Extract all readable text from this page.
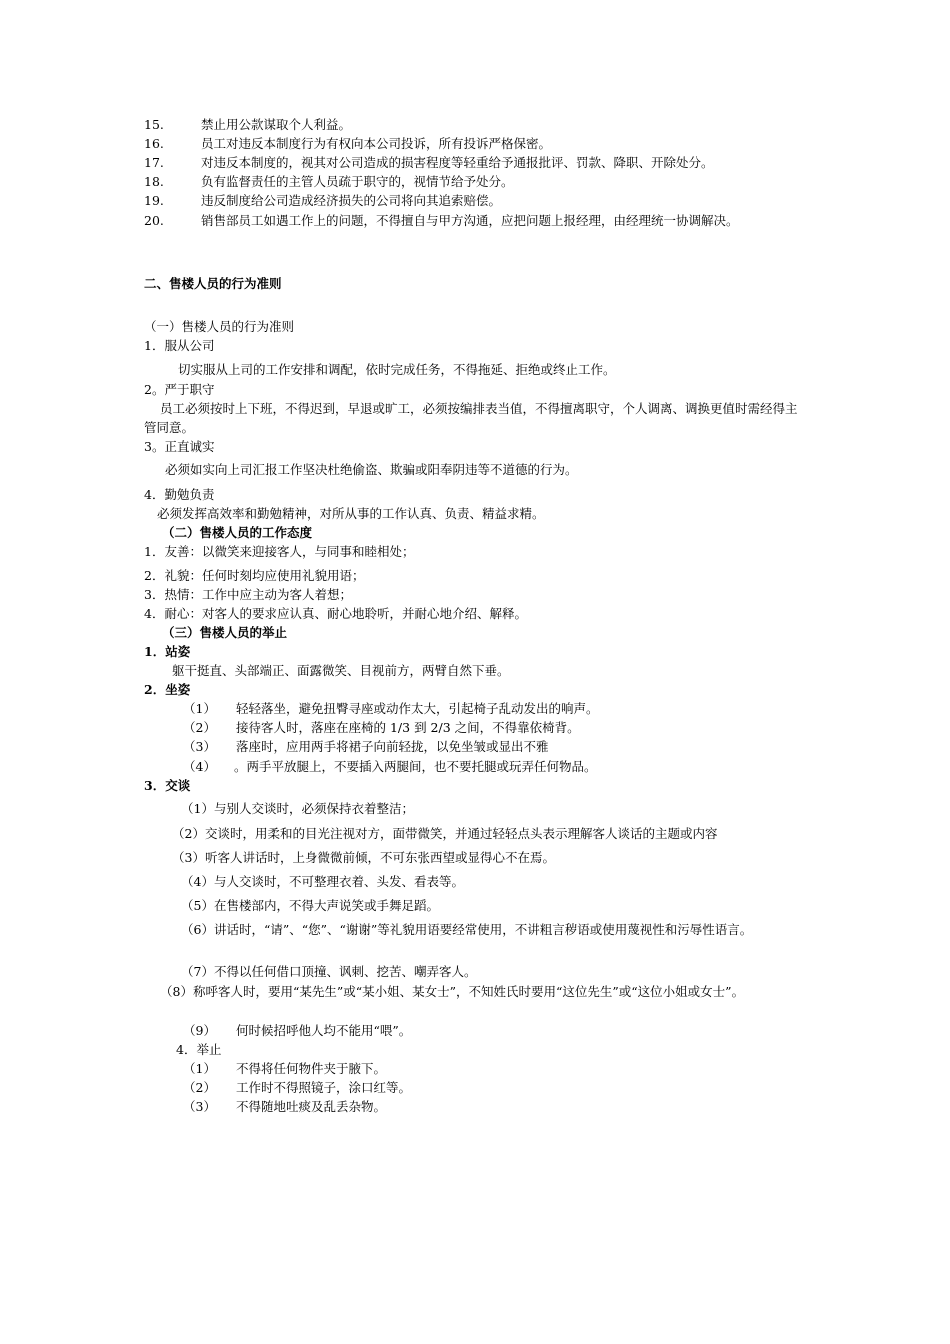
15.	禁止用公款谋取个人利益。
16.	员工对违反本制度行为有权向本公司投诉，所有投诉严格保密。
17.	对违反本制度的，视其对公司造成的损害程度等轻重给予通报批评、罚款、降职、开除处分。
18.	负有监督责任的主管人员疏于职守的，视情节给予处分。
19.	违反制度给公司造成经济损失的公司将向其追索赔偿。
20.	销售部员工如遇工作上的问题，不得擅自与甲方沟通，应把问题上报经理，由经理统一协调解决。
二、售楼人员的行为准则
（一）售楼人员的行为准则
1．服从公司
切实服从上司的工作安排和调配，依时完成任务，不得拖延、拒绝或终止工作。
2。严于职守
员工必须按时上下班，不得迟到，早退或旷工，必须按编排表当值，不得擅离职守，个人调离、调换更值时需经得主管同意。
3。正直诚实
必须如实向上司汇报工作坚决杜绝偷盗、欺骗或阳奉阴违等不道德的行为。
4．勤勉负责
必须发挥高效率和勤勉精神，对所从事的工作认真、负责、精益求精。
（二）售楼人员的工作态度
1．友善：以微笑来迎接客人，与同事和睦相处；
2．礼貌：任何时刻均应使用礼貌用语；
3．热情：工作中应主动为客人着想；
4．耐心：对客人的要求应认真、耐心地聆听，并耐心地介绍、解释。
（三）售楼人员的举止
1．站姿
躯干挺直、头部端正、面露微笑、目视前方，两臂自然下垂。
2．坐姿
（1） 轻轻落坐，避免扭臀寻座或动作太大，引起椅子乱动发出的响声。
（2） 接待客人时，落座在座椅的 1/3 到 2/3 之间，不得靠依椅背。
（3） 落座时，应用两手将裙子向前轻拢，以免坐皱或显出不雅
（4） 。两手平放腿上，不要插入两腿间，也不要托腿或玩弄任何物品。
3．交谈
（1）与别人交谈时，必须保持衣着整洁；
（2）交谈时，用柔和的目光注视对方，面带微笑，并通过轻轻点头表示理解客人谈话的主题或内容
（3）听客人讲话时，上身微微前倾，不可东张西望或显得心不在焉。
（4）与人交谈时，不可整理衣着、头发、看表等。
（5）在售楼部内，不得大声说笑或手舞足蹈。
（6）讲话时，“请”、“您”、“谢谢”等礼貌用语要经常使用，不讲粗言秽语或使用蔑视性和污辱性语言。
（7）不得以任何借口顶撞、讽刺、挖苦、嘲弄客人。
（8）称呼客人时，要用“某先生”或“某小姐、某女士”，不知姓氏时要用“这位先生”或“这位小姐或女士”。
（9） 何时候招呼他人均不能用“喂”。
4．举止
（1） 不得将任何物件夹于腋下。
（2） 工作时不得照镜子，涂口红等。
（3） 不得随地吐痰及乱丢杂物。
